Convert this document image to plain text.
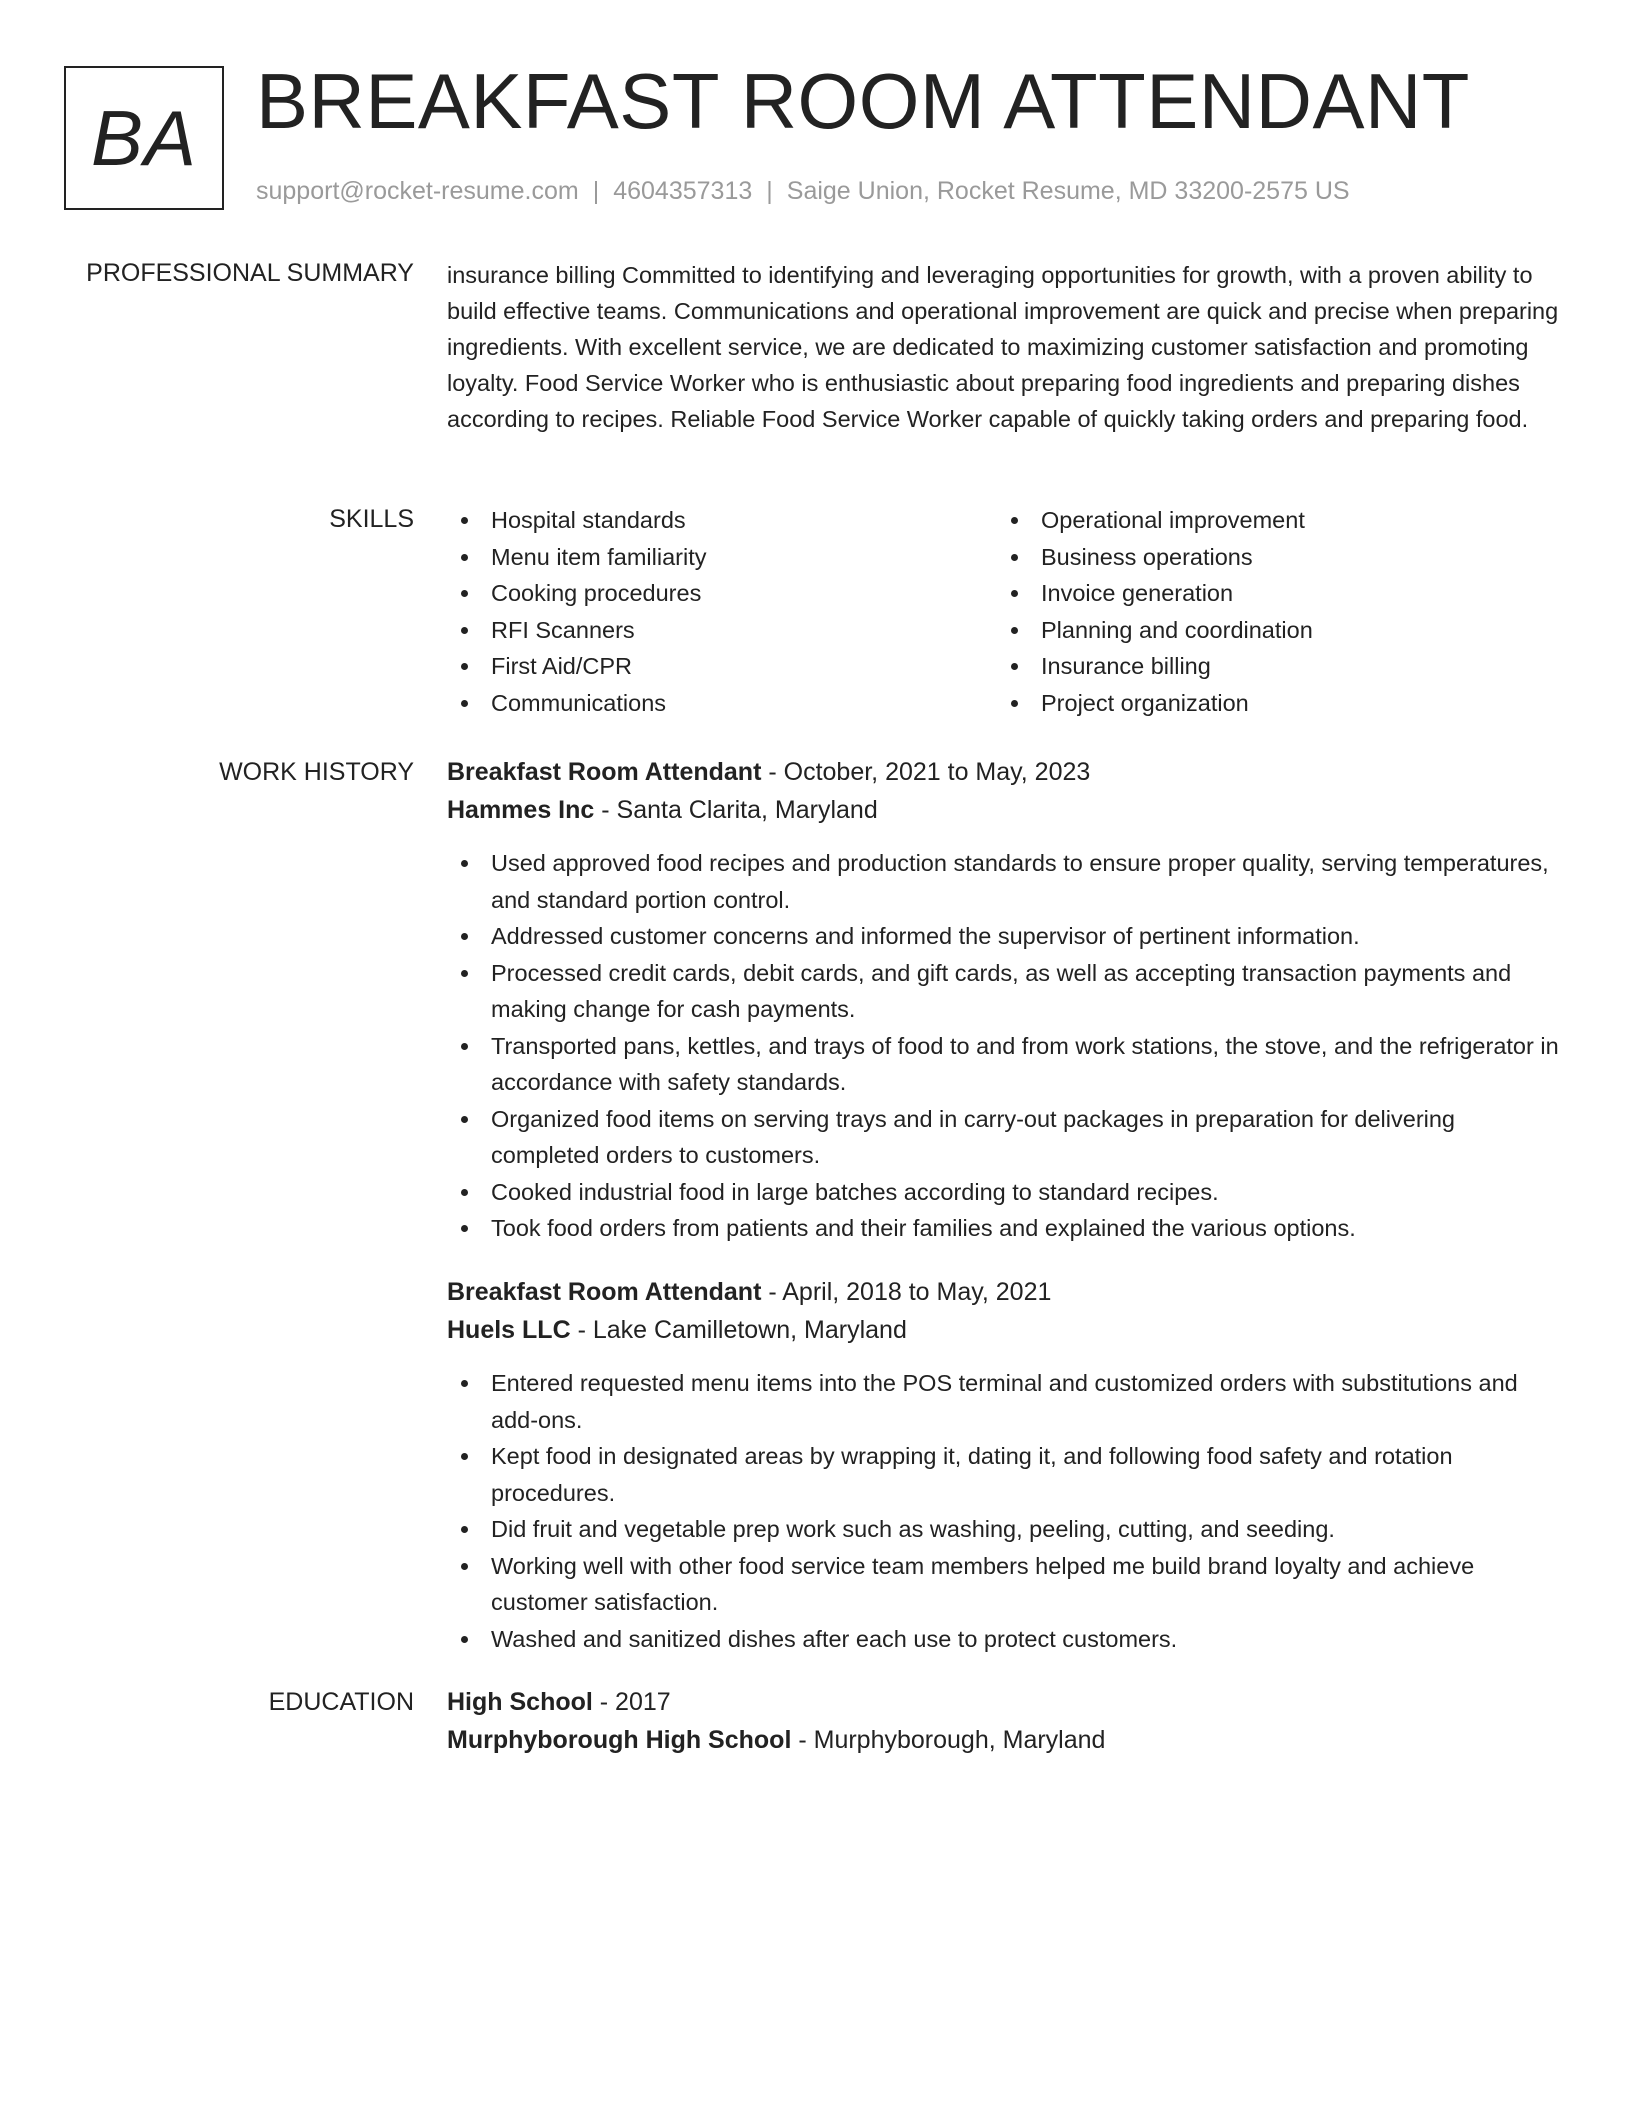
BA BREAKFAST ROOM ATTENDANT
support@rocket-resume.com | 4604357313 | Saige Union, Rocket Resume, MD 33200-2575 US
PROFESSIONAL SUMMARY insurance billing Committed to identifying and leveraging opportunities for growth, with a proven ability to build effective teams. Communications and operational improvement are quick and precise when preparing ingredients. With excellent service, we are dedicated to maximizing customer satisfaction and promoting loyalty. Food Service Worker who is enthusiastic about preparing food ingredients and preparing dishes according to recipes. Reliable Food Service Worker capable of quickly taking orders and preparing food.

SKILLS	Hospital standards
Menu item familiarity
Cooking procedures
RFI Scanners
First Aid/CPR
Communications
Operational improvement
Business operations
Invoice generation
Planning and coordination
Insurance billing
Project organization
WORK HISTORY Breakfast Room Attendant - October, 2021 to May, 2023
Hammes Inc - Santa Clarita, Maryland
Used approved food recipes and production standards to ensure proper quality, serving temperatures, and standard portion control.
Addressed customer concerns and informed the supervisor of pertinent information.
Processed credit cards, debit cards, and gift cards, as well as accepting transaction payments and making change for cash payments.
Transported pans, kettles, and trays of food to and from work stations, the stove, and the refrigerator in accordance with safety standards.
Organized food items on serving trays and in carry-out packages in preparation for delivering completed orders to customers.
Cooked industrial food in large batches according to standard recipes.
Took food orders from patients and their families and explained the various options.
Breakfast Room Attendant - April, 2018 to May, 2021
Huels LLC - Lake Camilletown, Maryland
Entered requested menu items into the POS terminal and customized orders with substitutions and add-ons.
Kept food in designated areas by wrapping it, dating it, and following food safety and rotation procedures.
Did fruit and vegetable prep work such as washing, peeling, cutting, and seeding.
Working well with other food service team members helped me build brand loyalty and achieve customer satisfaction.
Washed and sanitized dishes after each use to protect customers.
EDUCATION High School - 2017
Murphyborough High School - Murphyborough, Maryland
